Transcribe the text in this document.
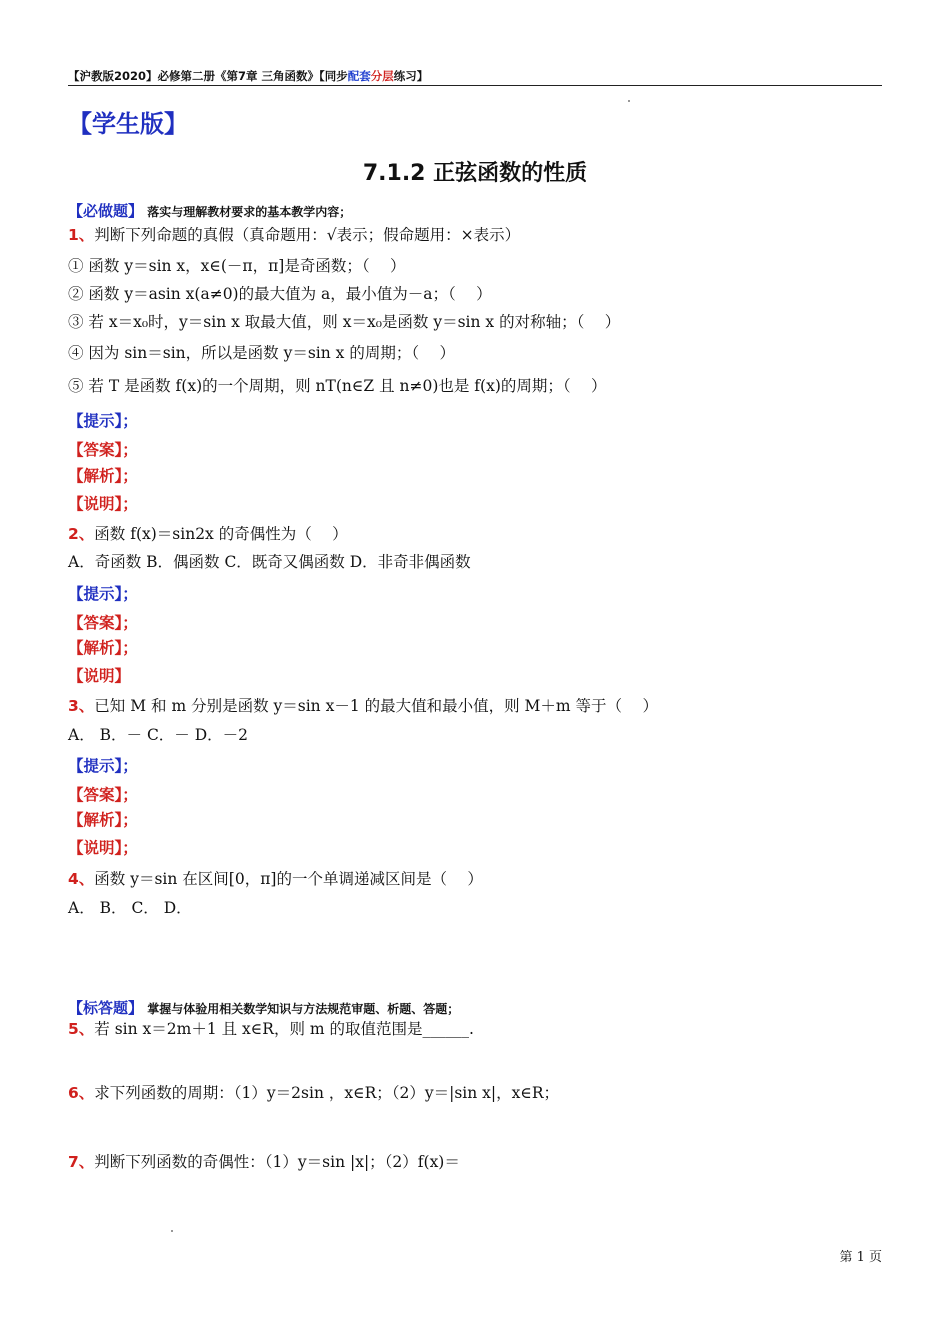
【沪教版2020】必修第二册《第7章 三角函数》【同步配套分层练习】
【学生版】
7.1.2 正弦函数的性质
【必做题】 落实与理解教材要求的基本教学内容；
1、判断下列命题的真假（真命题用：√表示；假命题用：×表示）
① 函数 y＝sin x，x∈(－π，π]是奇函数；（　 ）
② 函数 y＝asin x(a≠0)的最大值为 a，最小值为－a；（　 ）
③ 若 x＝x₀时，y＝sin x 取最大值，则 x＝x₀是函数 y＝sin x 的对称轴；（　 ）
④ 因为 sin＝sin，所以是函数 y＝sin x 的周期；（　 ）
⑤ 若 T 是函数 f(x)的一个周期，则 nT(n∈Z 且 n≠0)也是 f(x)的周期；（　 ）
【提示】；
【答案】；
【解析】；
【说明】；
2、函数 f(x)＝sin2x 的奇偶性为（　 ）
A．奇函数 B．偶函数 C．既奇又偶函数 D．非奇非偶函数
【提示】；
【答案】；
【解析】；
【说明】
3、已知 M 和 m 分别是函数 y＝sin x－1 的最大值和最小值，则 M＋m 等于（　 ）
A． B．－ C．－ D．－2
【提示】；
【答案】；
【解析】；
【说明】；
4、函数 y＝sin 在区间[0，π]的一个单调递减区间是（　 ）
A． B． C． D．
【标答题】 掌握与体验用相关数学知识与方法规范审题、析题、答题；
5、若 sin x＝2m＋1 且 x∈R，则 m 的取值范围是______.
6、求下列函数的周期：（1）y＝2sin ，x∈R；（2）y＝|sin x|，x∈R；
7、判断下列函数的奇偶性：（1）y＝sin |x|；（2）f(x)＝
第 1 页
